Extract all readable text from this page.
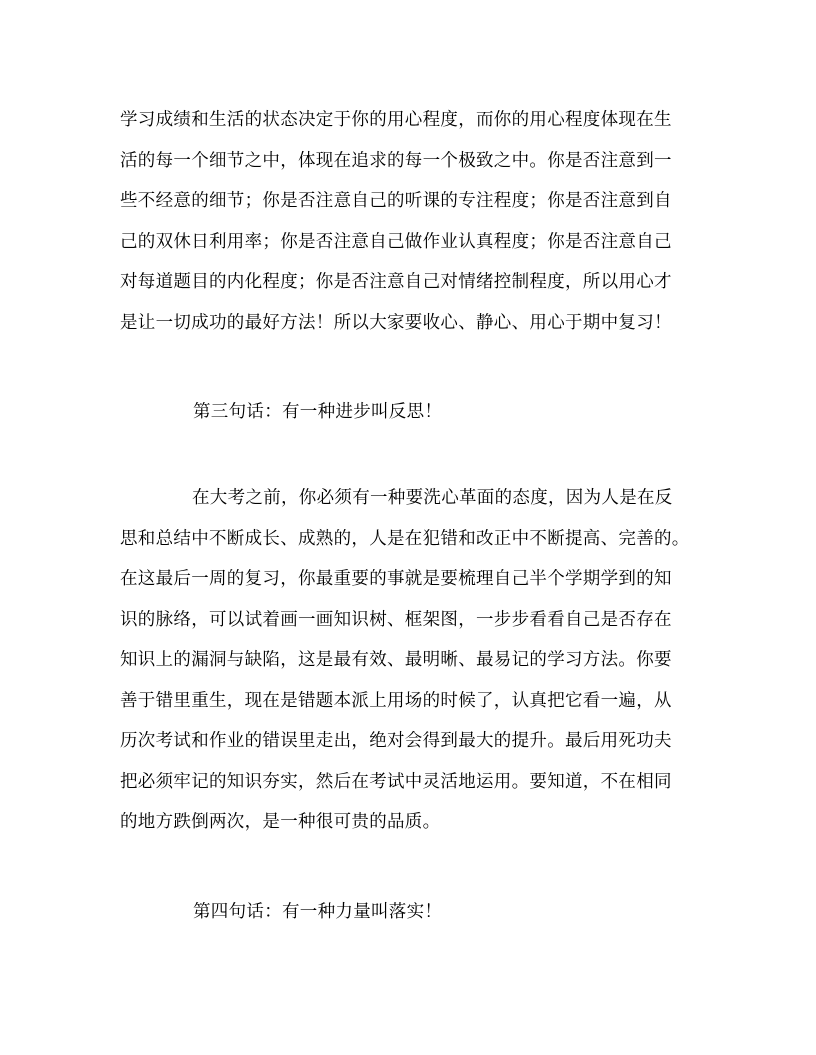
学习成绩和生活的状态决定于你的用心程度，而你的用心程度体现在生
活的每一个细节之中，体现在追求的每一个极致之中。你是否注意到一
些不经意的细节；你是否注意自己的听课的专注程度；你是否注意到自
己的双休日利用率；你是否注意自己做作业认真程度；你是否注意自己
对每道题目的内化程度；你是否注意自己对情绪控制程度，所以用心才
是让一切成功的最好方法！所以大家要收心、静心、用心于期中复习！

第三句话：有一种进步叫反思！

在大考之前，你必须有一种要洗心革面的态度，因为人是在反
思和总结中不断成长、成熟的，人是在犯错和改正中不断提高、完善的。
在这最后一周的复习，你最重要的事就是要梳理自己半个学期学到的知
识的脉络，可以试着画一画知识树、框架图，一步步看看自己是否存在
知识上的漏洞与缺陷，这是最有效、最明晰、最易记的学习方法。你要
善于错里重生，现在是错题本派上用场的时候了，认真把它看一遍，从
历次考试和作业的错误里走出，绝对会得到最大的提升。最后用死功夫
把必须牢记的知识夯实，然后在考试中灵活地运用。要知道，不在相同
的地方跌倒两次，是一种很可贵的品质。

第四句话：有一种力量叫落实！
